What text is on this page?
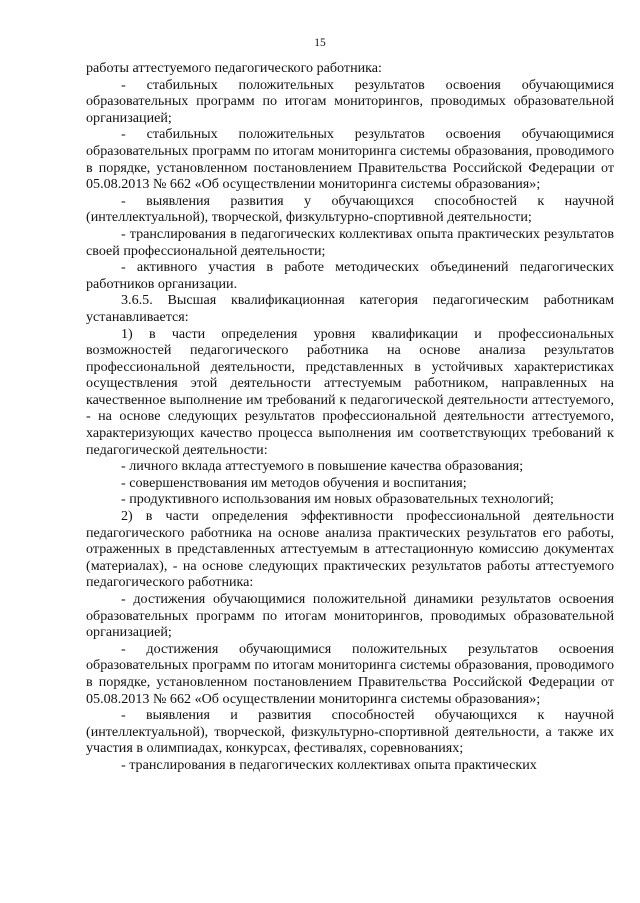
15

работы аттестуемого педагогического работника:

- стабильных положительных результатов освоения обучающимися образовательных программ по итогам мониторингов, проводимых образовательной организацией;

- стабильных положительных результатов освоения обучающимися образовательных программ по итогам мониторинга системы образования, проводимого в порядке, установленном постановлением Правительства Российской Федерации от 05.08.2013 № 662 «Об осуществлении мониторинга системы образования»;

- выявления развития у обучающихся способностей к научной (интеллектуальной), творческой, физкультурно-спортивной деятельности;

- транслирования в педагогических коллективах опыта практических результатов своей профессиональной деятельности;

- активного участия в работе методических объединений педагогических работников организации.

3.6.5. Высшая квалификационная категория педагогическим работникам устанавливается:

1) в части определения уровня квалификации и профессиональных возможностей педагогического работника на основе анализа результатов профессиональной деятельности, представленных в устойчивых характеристиках осуществления этой деятельности аттестуемым работником, направленных на качественное выполнение им требований к педагогической деятельности аттестуемого, - на основе следующих результатов профессиональной деятельности аттестуемого, характеризующих качество процесса выполнения им соответствующих требований к педагогической деятельности:

- личного вклада аттестуемого в повышение качества образования;

- совершенствования им методов обучения и воспитания;

- продуктивного использования им новых образовательных технологий;

2) в части определения эффективности профессиональной деятельности педагогического работника на основе анализа практических результатов его работы, отраженных в представленных аттестуемым в аттестационную комиссию документах (материалах), - на основе следующих практических результатов работы аттестуемого педагогического работника:

- достижения обучающимися положительной динамики результатов освоения образовательных программ по итогам мониторингов, проводимых образовательной организацией;

- достижения обучающимися положительных результатов освоения образовательных программ по итогам мониторинга системы образования, проводимого в порядке, установленном постановлением Правительства Российской Федерации от 05.08.2013 № 662 «Об осуществлении мониторинга системы образования»;

- выявления и развития способностей обучающихся к научной (интеллектуальной), творческой, физкультурно-спортивной деятельности, а также их участия в олимпиадах, конкурсах, фестивалях, соревнованиях;

- транслирования в педагогических коллективах опыта практических
